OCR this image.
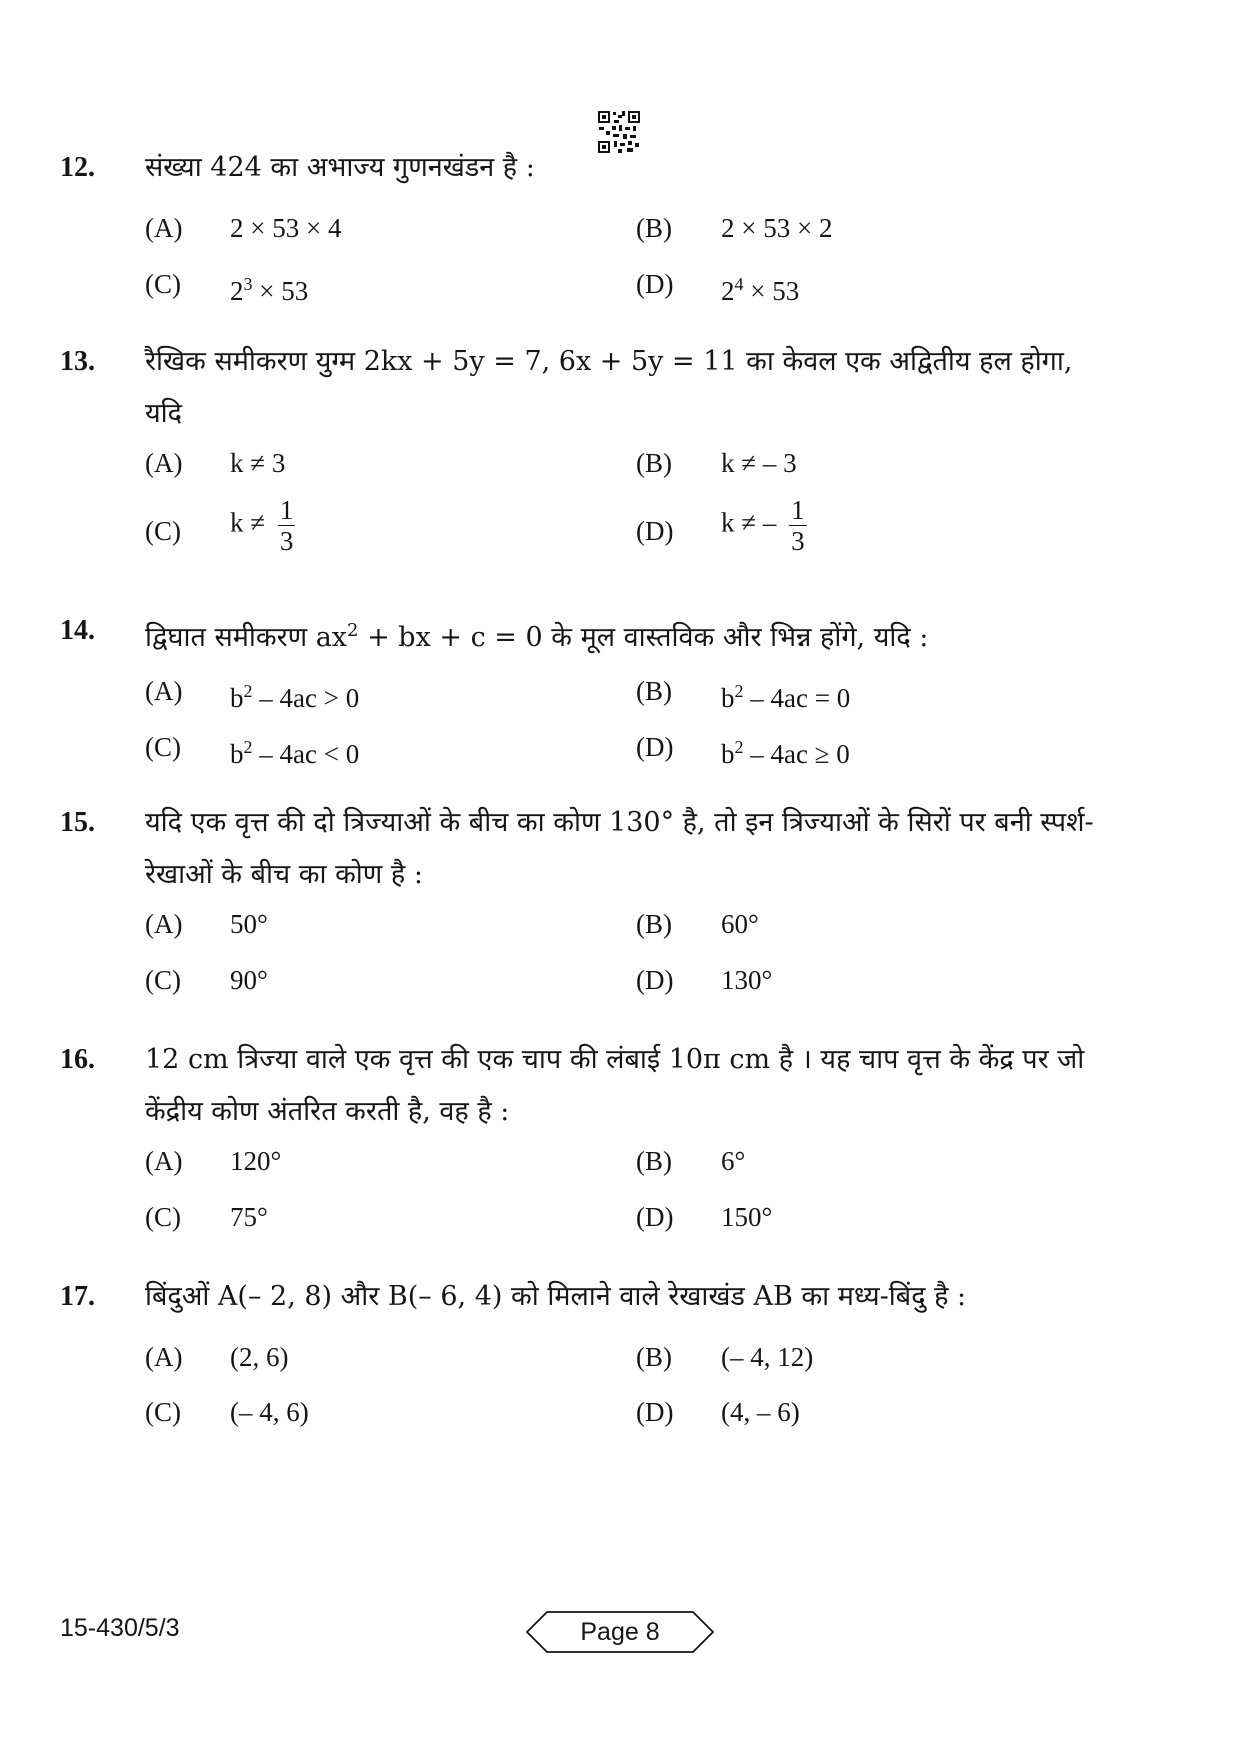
12. संख्या 424 का अभाज्य गुणनखंडन है :
(A) 2 × 53 × 4	(B) 2 × 53 × 2
(C) $2^3 \times 53$	(D) $2^4 \times 53$
13. रैखिक समीकरण युग्म 2kx + 5y = 7, 6x + 5y = 11 का केवल एक अद्वितीय हल होगा, यदि
(A) k ≠ 3	(B) k ≠ – 3
(C) $k \ne \frac{1}{3}$	(D) k ≠ – $\frac{1}{3}$
14. द्विघात समीकरण $ax^2$ + bx + c = 0 के मूल वास्तविक और भिन्न होंगे, यदि :
(A) $b^2 - 4ac > 0$	(B) $b^2 - 4ac = 0$
(C) $b^2 - 4ac < 0$	(D) $b^2 - 4ac \ge 0$
15. यदि एक वृत्त की दो त्रिज्याओं के बीच का कोण 130° है, तो इन त्रिज्याओं के सिरों पर बनी स्पर्श-रेखाओं के बीच का कोण है :
(A) 50°	(B) 60°
(C) 90°	(D) 130°
16. 12 cm त्रिज्या वाले एक वृत्त की एक चाप की लंबाई 10π cm है । यह चाप वृत्त के केंद्र पर जो केंद्रीय कोण अंतरित करती है, वह है :
(A) 120°	(B) 6°
(C) 75°	(D) 150°
17. बिंदुओं A(– 2, 8) और B(– 6, 4) को मिलाने वाले रेखाखंड AB का मध्य-बिंदु है :
(A) (2, 6)	(B) (– 4, 12)
(C) (– 4, 6)	(D) (4, – 6)
15-430/5/3	Page 8
